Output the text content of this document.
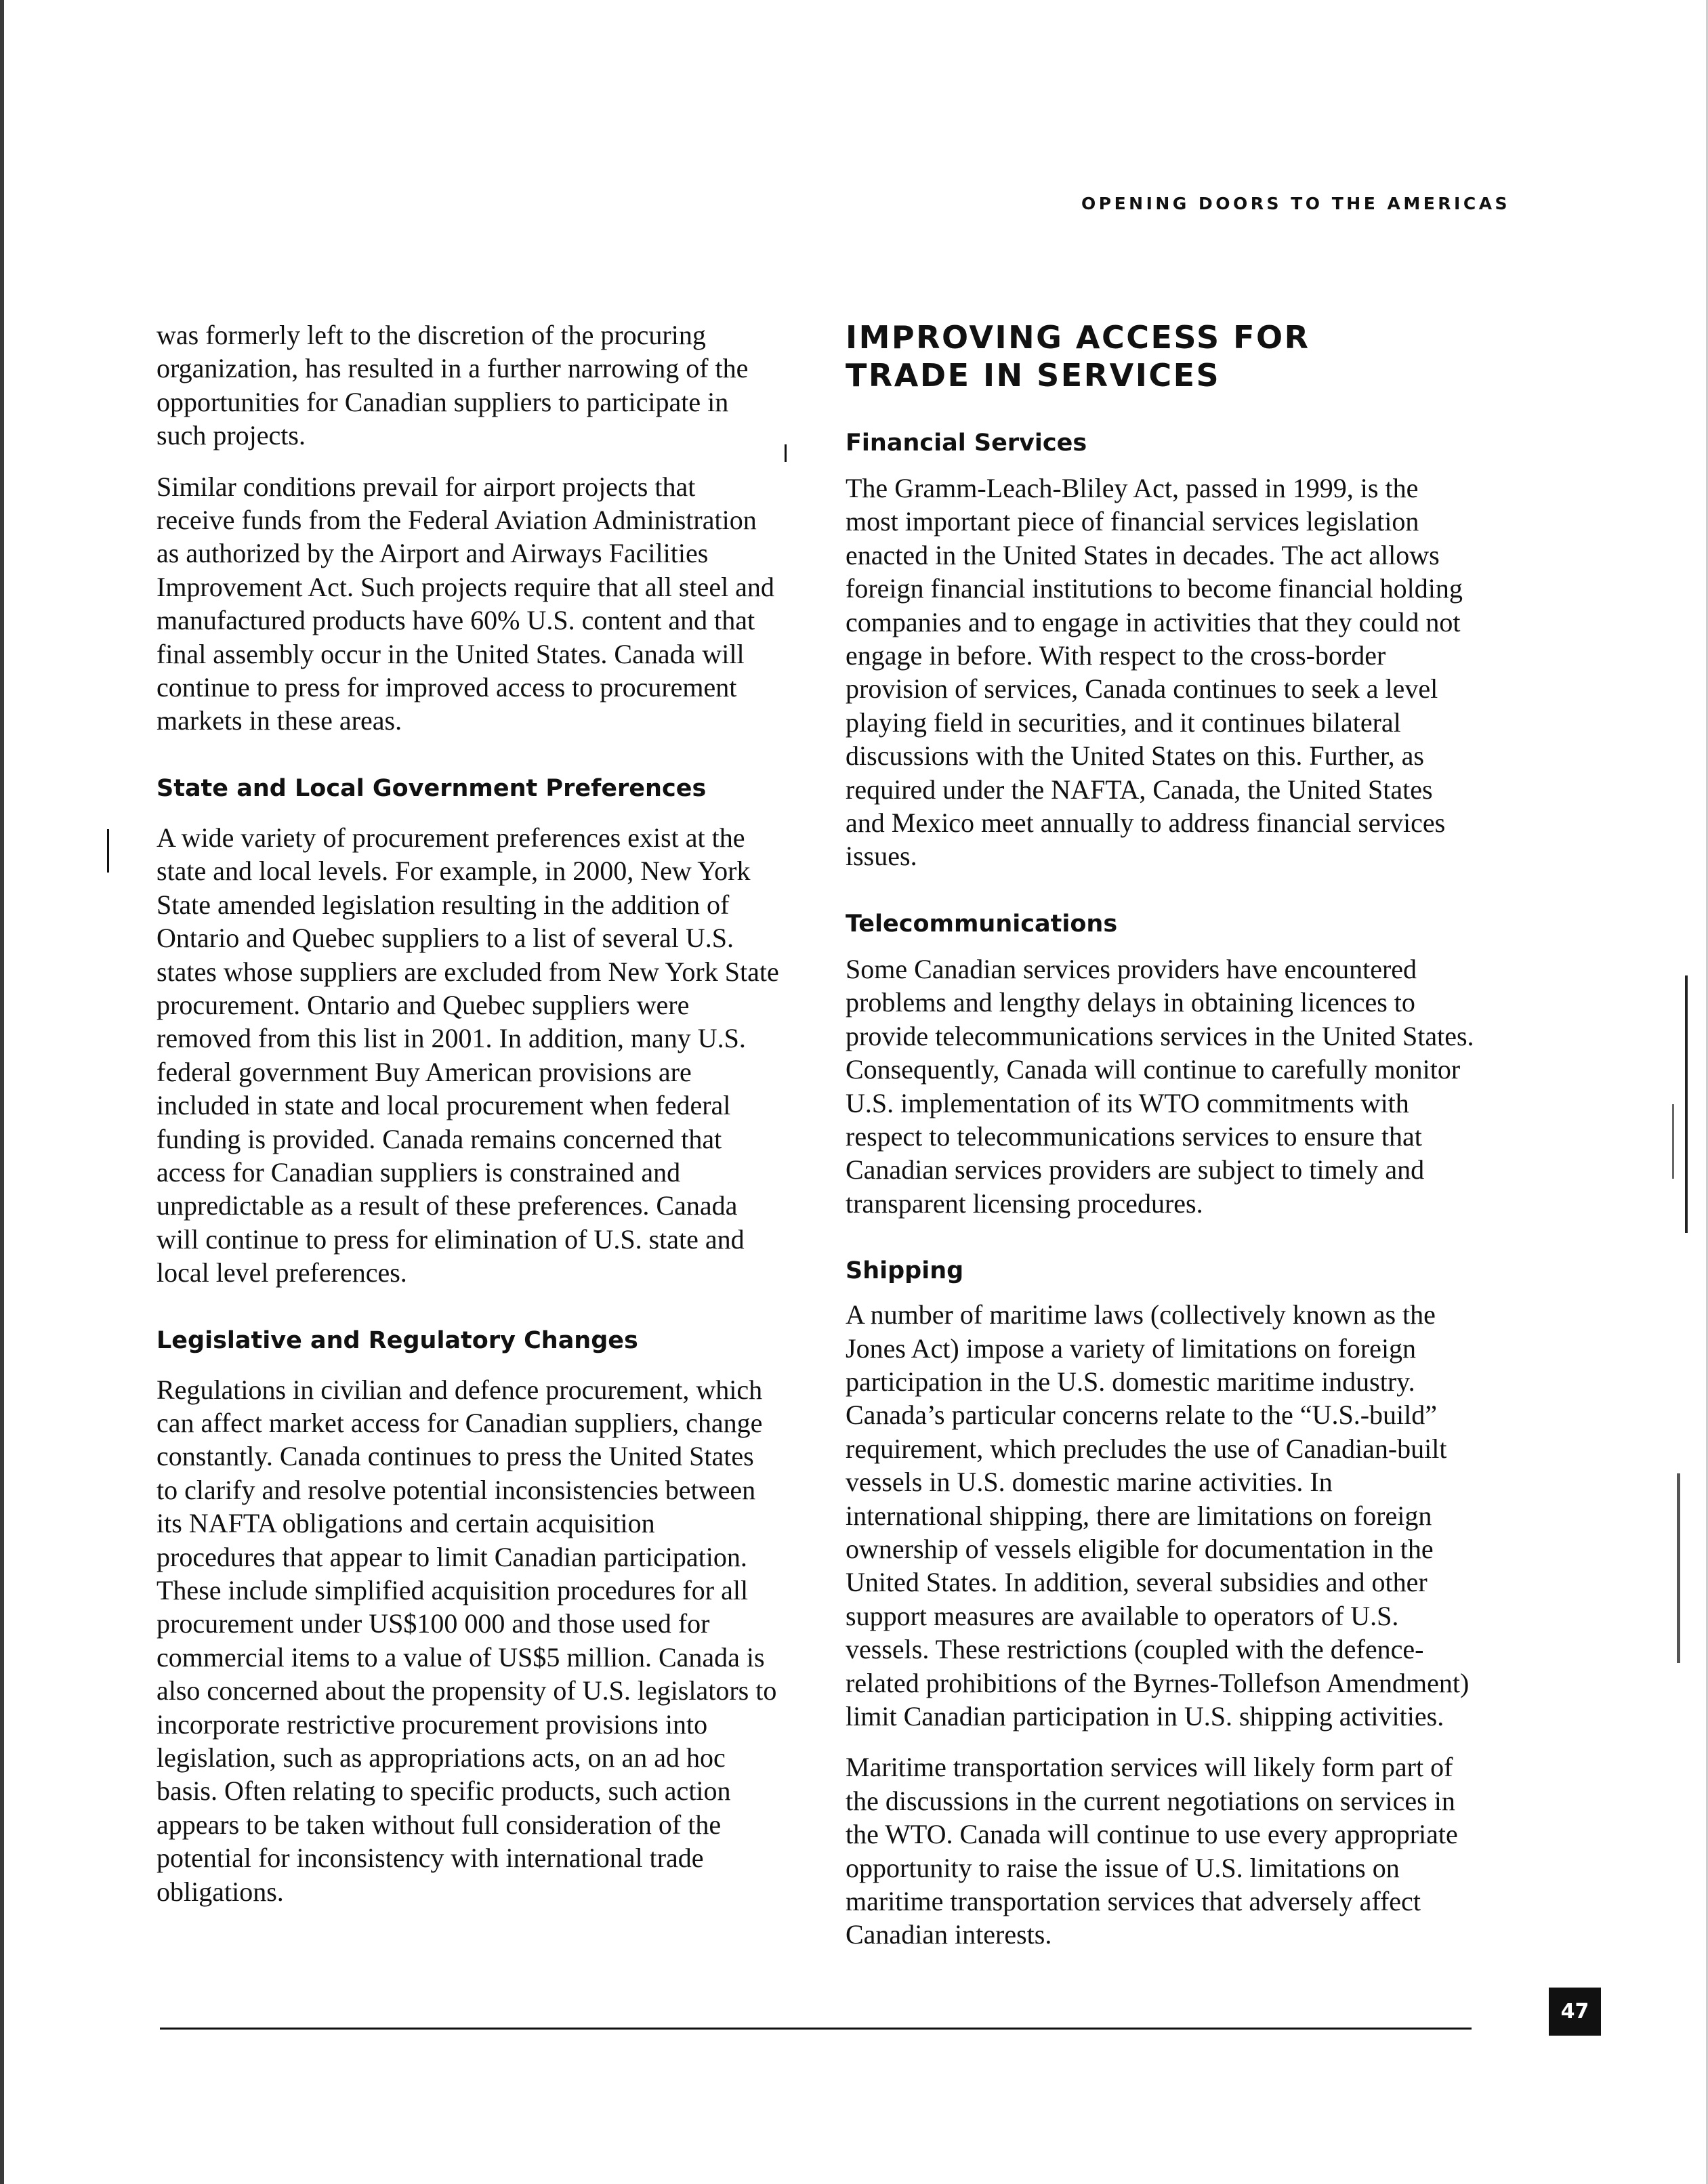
OPENING DOORS TO THE AMERICAS

was formerly left to the discretion of the procuring organization, has resulted in a further narrowing of the opportunities for Canadian suppliers to participate in such projects.

Similar conditions prevail for airport projects that receive funds from the Federal Aviation Administration as authorized by the Airport and Airways Facilities Improvement Act. Such projects require that all steel and manufactured products have 60% U.S. content and that final assembly occur in the United States. Canada will continue to press for improved access to procurement markets in these areas.

State and Local Government Preferences

A wide variety of procurement preferences exist at the state and local levels. For example, in 2000, New York State amended legislation resulting in the addition of Ontario and Quebec suppliers to a list of several U.S. states whose suppliers are excluded from New York State procurement. Ontario and Quebec suppliers were removed from this list in 2001. In addition, many U.S. federal government Buy American provisions are included in state and local procurement when federal funding is provided. Canada remains concerned that access for Canadian suppliers is constrained and unpredictable as a result of these preferences. Canada will continue to press for elimination of U.S. state and local level preferences.

Legislative and Regulatory Changes

Regulations in civilian and defence procurement, which can affect market access for Canadian suppliers, change constantly. Canada continues to press the United States to clarify and resolve potential inconsistencies between its NAFTA obligations and certain acquisition procedures that appear to limit Canadian participation. These include simplified acquisition procedures for all procurement under US$100 000 and those used for commercial items to a value of US$5 million. Canada is also concerned about the propensity of U.S. legislators to incorporate restrictive procurement provisions into legislation, such as appropriations acts, on an ad hoc basis. Often relating to specific products, such action appears to be taken without full consideration of the potential for inconsistency with international trade obligations.

IMPROVING ACCESS FOR
TRADE IN SERVICES
Financial Services

The Gramm-Leach-Bliley Act, passed in 1999, is the most important piece of financial services legislation enacted in the United States in decades. The act allows foreign financial institutions to become financial holding companies and to engage in activities that they could not engage in before. With respect to the cross-border provision of services, Canada continues to seek a level playing field in securities, and it continues bilateral discussions with the United States on this. Further, as required under the NAFTA, Canada, the United States and Mexico meet annually to address financial services issues.

Telecommunications

Some Canadian services providers have encountered problems and lengthy delays in obtaining licences to provide telecommunications services in the United States. Consequently, Canada will continue to carefully monitor U.S. implementation of its WTO commitments with respect to telecommunications services to ensure that Canadian services providers are subject to timely and transparent licensing procedures.

Shipping

A number of maritime laws (collectively known as the Jones Act) impose a variety of limitations on foreign participation in the U.S. domestic maritime industry. Canada’s particular concerns relate to the “U.S.-build” requirement, which precludes the use of Canadian-built vessels in U.S. domestic marine activities. In international shipping, there are limitations on foreign ownership of vessels eligible for documentation in the United States. In addition, several subsidies and other support measures are available to operators of U.S. vessels. These restrictions (coupled with the defence-related prohibitions of the Byrnes-Tollefson Amendment) limit Canadian participation in U.S. shipping activities.

Maritime transportation services will likely form part of the discussions in the current negotiations on services in the WTO. Canada will continue to use every appropriate opportunity to raise the issue of U.S. limitations on maritime transportation services that adversely affect Canadian interests.

47
